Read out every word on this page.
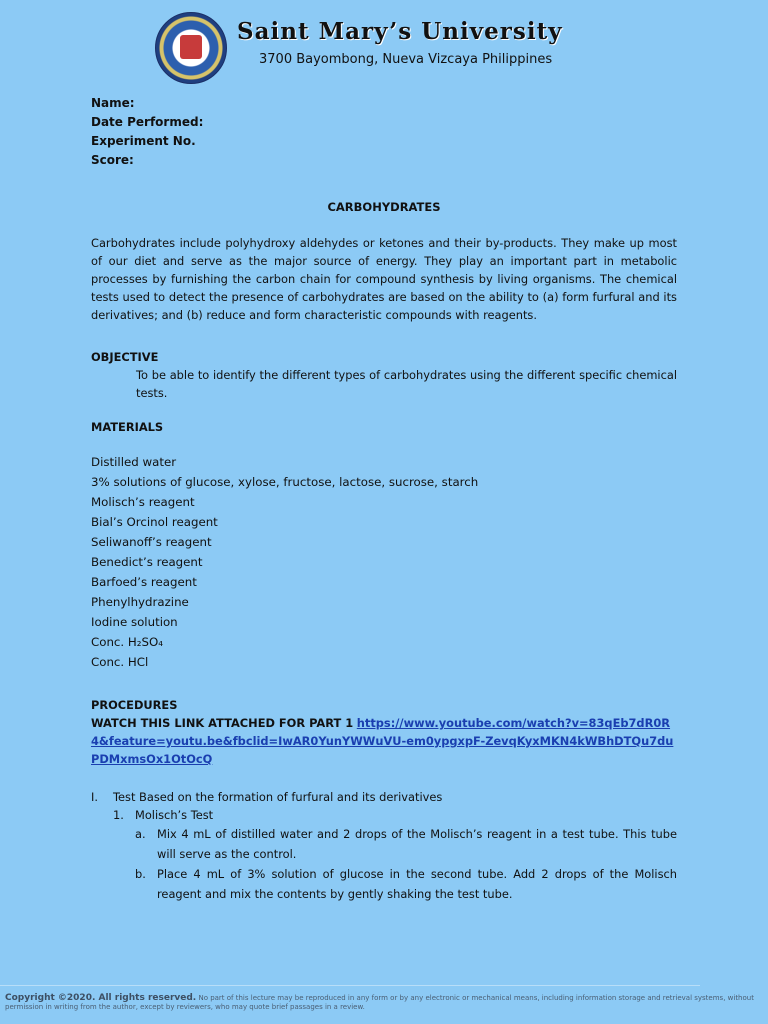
Saint Mary’s University
3700 Bayombong, Nueva Vizcaya Philippines
Name:
Date Performed:
Experiment No.
Score:
CARBOHYDRATES
Carbohydrates include polyhydroxy aldehydes or ketones and their by-products. They make up most of our diet and serve as the major source of energy. They play an important part in metabolic processes by furnishing the carbon chain for compound synthesis by living organisms. The chemical tests used to detect the presence of carbohydrates are based on the ability to (a) form furfural and its derivatives; and (b) reduce and form characteristic compounds with reagents.
OBJECTIVE
To be able to identify the different types of carbohydrates using the different specific chemical tests.
MATERIALS
Distilled water
3% solutions of glucose, xylose, fructose, lactose, sucrose, starch
Molisch’s reagent
Bial’s Orcinol reagent
Seliwanoff’s reagent
Benedict’s reagent
Barfoed’s reagent
Phenylhydrazine
Iodine solution
Conc. H₂SO₄
Conc. HCl
PROCEDURES
WATCH THIS LINK ATTACHED FOR PART 1 https://www.youtube.com/watch?v=83qEb7dR0R4&feature=youtu.be&fbclid=IwAR0YunYWWuVU-em0ypgxpF-ZevqKyxMKN4kWBhDTQu7duPDMxmsOx1OtOcQ
I.	Test Based on the formation of furfural and its derivatives
1. Molisch’s Test
a. Mix 4 mL of distilled water and 2 drops of the Molisch’s reagent in a test tube. This tube will serve as the control.
b. Place 4 mL of 3% solution of glucose in the second tube. Add 2 drops of the Molisch reagent and mix the contents by gently shaking the test tube.
Copyright ©2020. All rights reserved. No part of this lecture may be reproduced in any form or by any electronic or mechanical means, including information storage and retrieval systems, without permission in writing from the author, except by reviewers, who may quote brief passages in a review.
